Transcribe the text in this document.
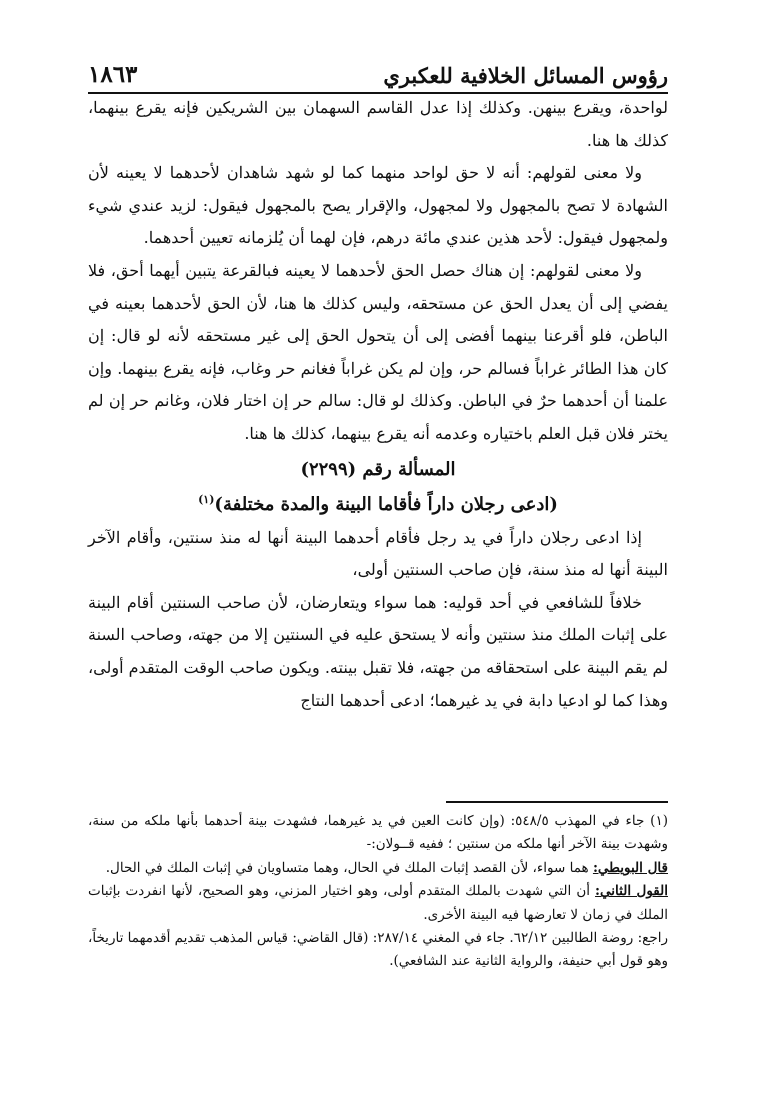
رؤوس المسائل الخلافية للعكبري
١٨٦٣

لواحدة، ويقرع بينهن. وكذلك إذا عدل القاسم السهمان بين الشريكين فإنه يقرع بينهما، كذلك ها هنا.

ولا معنى لقولهم: أنه لا حق لواحد منهما كما لو شهد شاهدان لأحدهما لا يعينه لأن الشهادة لا تصح بالمجهول ولا لمجهول، والإقرار يصح بالمجهول فيقول: لزيد عندي شيء ولمجهول فيقول: لأحد هذين عندي مائة درهم، فإن لهما أن يُلزمانه تعيين أحدهما.

ولا معنى لقولهم: إن هناك حصل الحق لأحدهما لا يعينه فبالقرعة يتبين أيهما أحق، فلا يفضي إلى أن يعدل الحق عن مستحقه، وليس كذلك ها هنا، لأن الحق لأحدهما بعينه في الباطن، فلو أقرعنا بينهما أفضى إلى أن يتحول الحق إلى غير مستحقه لأنه لو قال: إن كان هذا الطائر غراباً فسالم حر، وإن لم يكن غراباً فغانم حر وغاب، فإنه يقرع بينهما. وإن علمنا أن أحدهما حرٌ في الباطن. وكذلك لو قال: سالم حر إن اختار فلان، وغانم حر إن لم يختر فلان قبل العلم باختياره وعدمه أنه يقرع بينهما، كذلك ها هنا.

المسألة رقم (٢٢٩٩)
(ادعى رجلان داراً فأقاما البينة والمدة مختلفة)$^{(١)}$

إذا ادعى رجلان داراً في يد رجل فأقام أحدهما البينة أنها له منذ سنتين، وأقام الآخر البينة أنها له منذ سنة، فإن صاحب السنتين أولى،

خلافاً للشافعي في أحد قوليه: هما سواء ويتعارضان، لأن صاحب السنتين أقام البينة على إثبات الملك منذ سنتين وأنه لا يستحق عليه في السنتين إلا من جهته، وصاحب السنة لم يقم البينة على استحقاقه من جهته، فلا تقبل بينته. ويكون صاحب الوقت المتقدم أولى، وهذا كما لو ادعيا دابة في يد غيرهما؛ ادعى أحدهما النتاج

(١) جاء في المهذب ٥٤٨/٥: (وإن كانت العين في يد غيرهما، فشهدت بينة أحدهما بأنها ملكه من سنة، وشهدت بينة الآخر أنها ملكه من سنتين ؛ ففيه قــولان:-

قال البويطي: هما سواء، لأن القصد إثبات الملك في الحال، وهما متساويان في إثبات الملك في الحال.

القول الثاني: أن التي شهدت بالملك المتقدم أولى، وهو اختيار المزني، وهو الصحيح، لأنها انفردت بإثبات الملك في زمان لا تعارضها فيه البينة الأخرى.

راجع: روضة الطالبين ٦٢/١٢. جاء في المغني ٢٨٧/١٤: (قال القاضي: قياس المذهب تقديم أقدمهما تاريخاً، وهو قول أبي حنيفة، والرواية الثانية عند الشافعي).
